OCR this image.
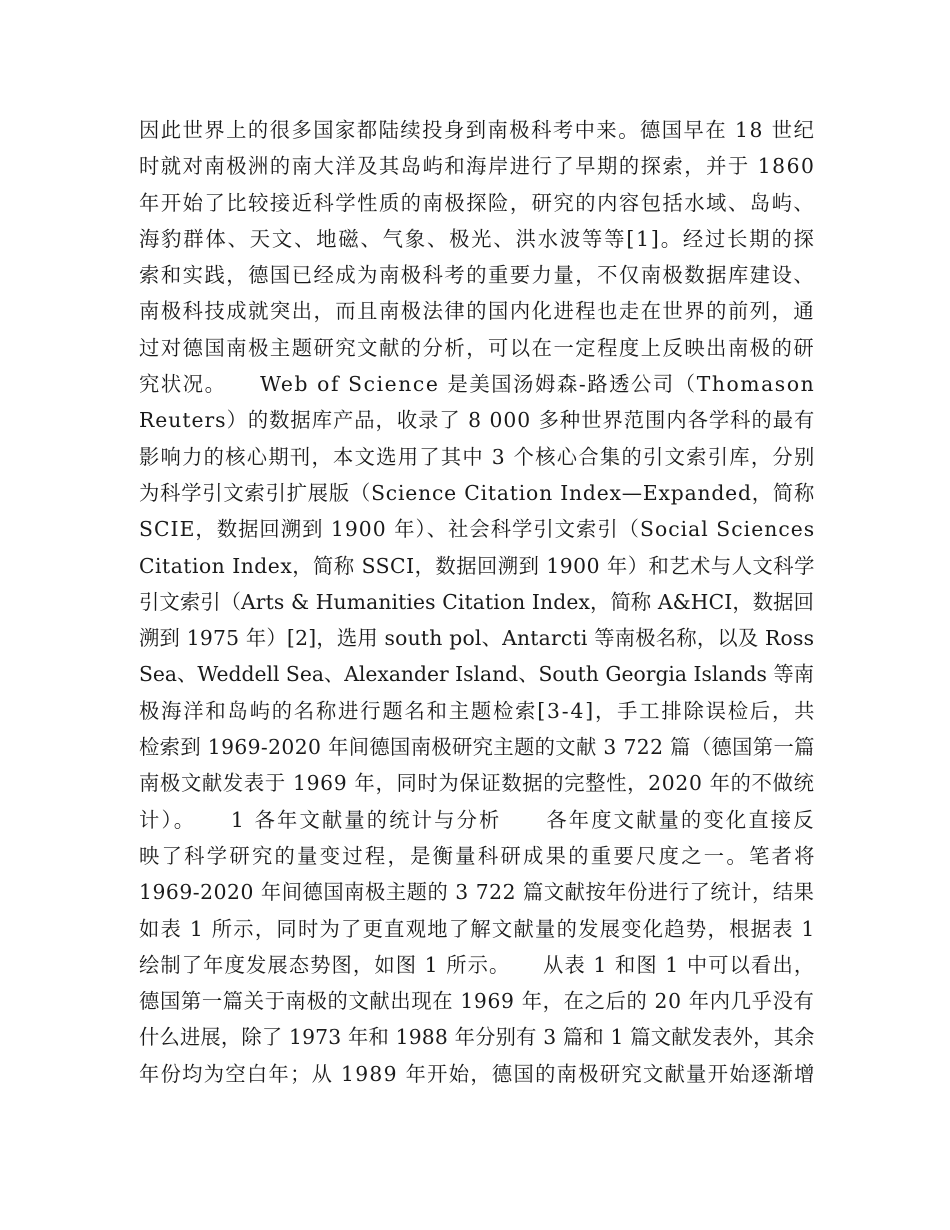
因此世界上的很多国家都陆续投身到南极科考中来。德国早在 18 世纪
时就对南极洲的南大洋及其岛屿和海岸进行了早期的探索，并于 1860
年开始了比较接近科学性质的南极探险，研究的内容包括水域、岛屿、
海豹群体、天文、地磁、气象、极光、洪水波等等[1]。经过长期的探
索和实践，德国已经成为南极科考的重要力量，不仅南极数据库建设、
南极科技成就突出，而且南极法律的国内化进程也走在世界的前列，通
过对德国南极主题研究文献的分析，可以在一定程度上反映出南极的研
究状况。　　Web of Science 是美国汤姆森-路透公司（Thomason
Reuters）的数据库产品，收录了 8 000 多种世界范围内各学科的最有
影响力的核心期刊，本文选用了其中 3 个核心合集的引文索引库，分别
为科学引文索引扩展版（Science Citation Index—Expanded，简称
SCIE，数据回溯到 1900 年）、社会科学引文索引（Social Sciences
Citation Index，简称 SSCI，数据回溯到 1900 年）和艺术与人文科学
引文索引（Arts & Humanities Citation Index，简称 A&HCI，数据回
溯到 1975 年）[2]，选用 south pol、Antarcti 等南极名称，以及 Ross
Sea、Weddell Sea、Alexander Island、South Georgia Islands 等南
极海洋和岛屿的名称进行题名和主题检索[3-4]，手工排除误检后，共
检索到 1969-2020 年间德国南极研究主题的文献 3 722 篇（德国第一篇
南极文献发表于 1969 年，同时为保证数据的完整性，2020 年的不做统
计）。　　1 各年文献量的统计与分析　　各年度文献量的变化直接反
映了科学研究的量变过程，是衡量科研成果的重要尺度之一。笔者将
1969-2020 年间德国南极主题的 3 722 篇文献按年份进行了统计，结果
如表 1 所示，同时为了更直观地了解文献量的发展变化趋势，根据表 1
绘制了年度发展态势图，如图 1 所示。　　从表 1 和图 1 中可以看出，
德国第一篇关于南极的文献出现在 1969 年，在之后的 20 年内几乎没有
什么进展，除了 1973 年和 1988 年分别有 3 篇和 1 篇文献发表外，其余
年份均为空白年；从 1989 年开始，德国的南极研究文献量开始逐渐增
